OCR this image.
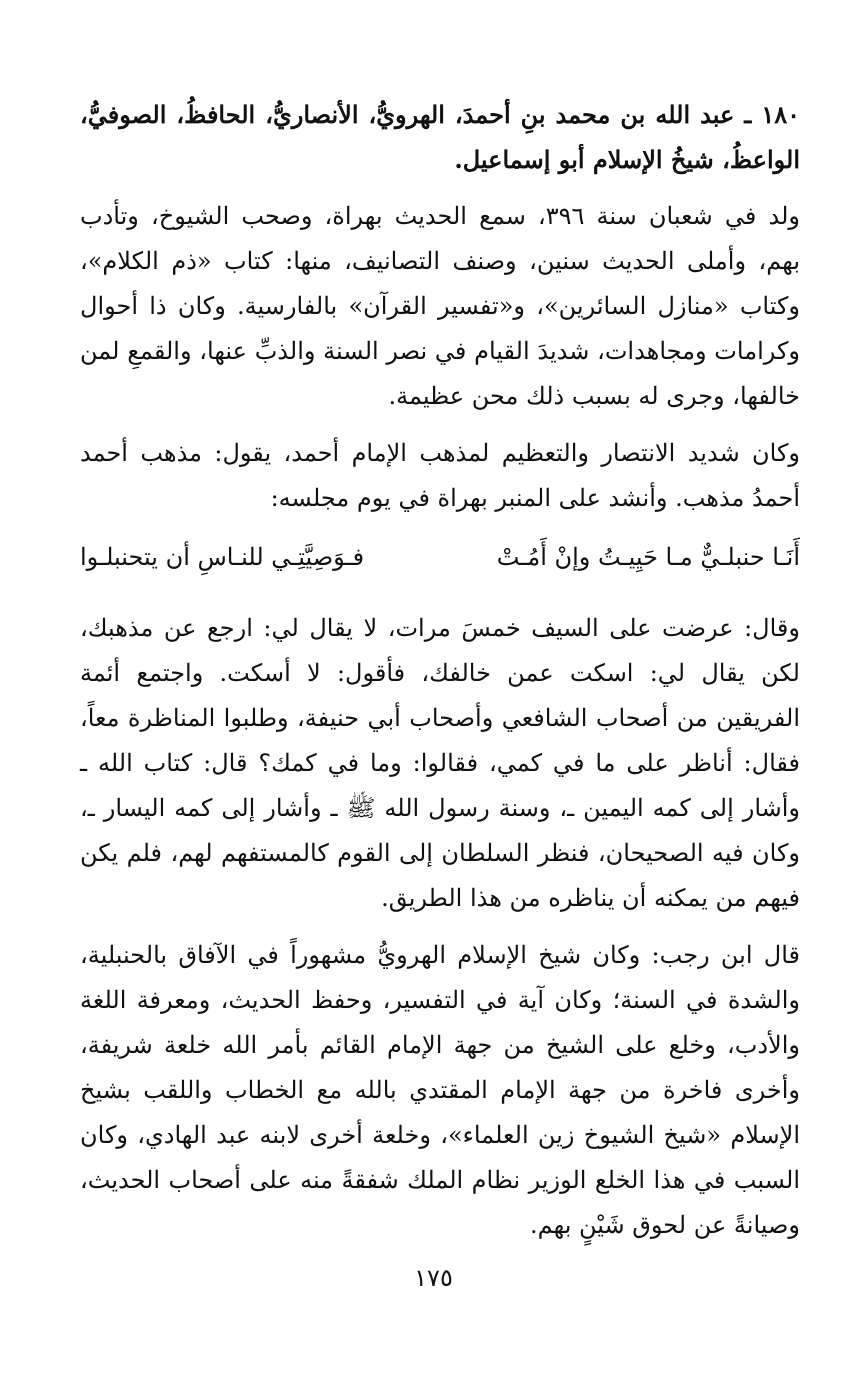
١٨٠ ـ عبد الله بن محمد بنِ أحمدَ، الهرويُّ، الأنصاريُّ، الحافظُ، الصوفيُّ، الواعظُ، شيخُ الإسلام أبو إسماعيل.

ولد في شعبان سنة ٣٩٦، سمع الحديث بهراة، وصحب الشيوخ، وتأدب بهم، وأملى الحديث سنين، وصنف التصانيف، منها: كتاب «ذم الكلام»، وكتاب «منازل السائرين»، و«تفسير القرآن» بالفارسية. وكان ذا أحوال وكرامات ومجاهدات، شديدَ القيام في نصر السنة والذبِّ عنها، والقمعِ لمن خالفها، وجرى له بسبب ذلك محن عظيمة.

وكان شديد الانتصار والتعظيم لمذهب الإمام أحمد، يقول: مذهب أحمد أحمدُ مذهب. وأنشد على المنبر بهراة في يوم مجلسه:

أَنَـا حنبلـيٌّ مـا حَيِيـتُ وإنْ أَمُـتْ
فـوَصِيَّتِـي للنـاسِ أن يتحنبلـوا

وقال: عرضت على السيف خمسَ مرات، لا يقال لي: ارجع عن مذهبك، لكن يقال لي: اسكت عمن خالفك، فأقول: لا أسكت. واجتمع أئمة الفريقين من أصحاب الشافعي وأصحاب أبي حنيفة، وطلبوا المناظرة معاً، فقال: أناظر على ما في كمي، فقالوا: وما في كمك؟ قال: كتاب الله ـ وأشار إلى كمه اليمين ـ، وسنة رسول الله ﷺ ـ وأشار إلى كمه اليسار ـ، وكان فيه الصحيحان، فنظر السلطان إلى القوم كالمستفهم لهم، فلم يكن فيهم من يمكنه أن يناظره من هذا الطريق.

قال ابن رجب: وكان شيخ الإسلام الهرويُّ مشهوراً في الآفاق بالحنبلية، والشدة في السنة؛ وكان آية في التفسير، وحفظ الحديث، ومعرفة اللغة والأدب، وخلع على الشيخ من جهة الإمام القائم بأمر الله خلعة شريفة، وأخرى فاخرة من جهة الإمام المقتدي بالله مع الخطاب واللقب بشيخ الإسلام «شيخ الشيوخ زين العلماء»، وخلعة أخرى لابنه عبد الهادي، وكان السبب في هذا الخلع الوزير نظام الملك شفقةً منه على أصحاب الحديث، وصيانةً عن لحوق شَيْنٍ بهم.

١٧٥
